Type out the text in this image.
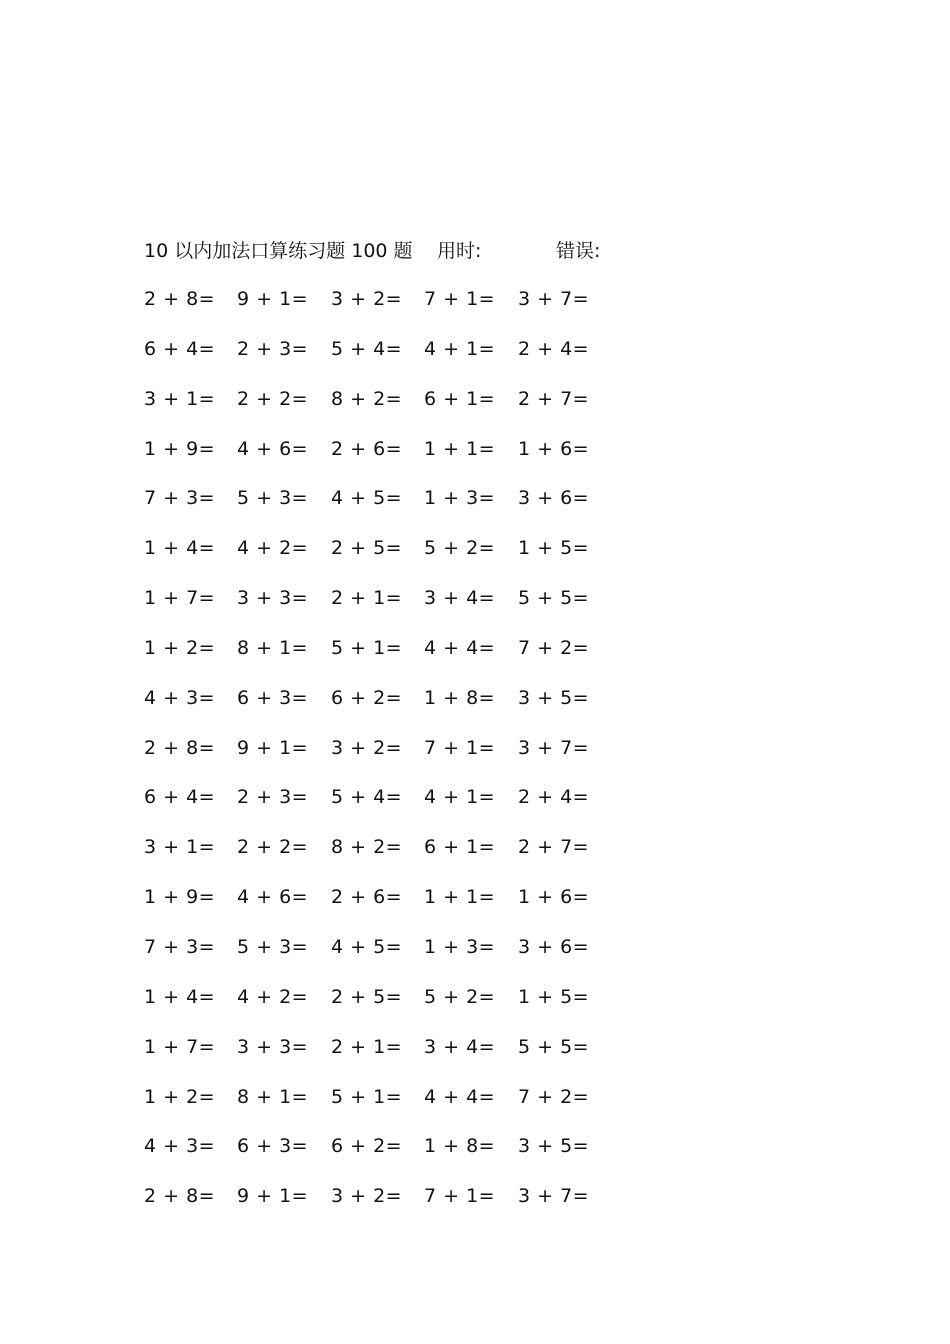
10 以内加法口算练习题 100 题 用时:	错误:
2 + 8= 9 + 1= 3 + 2= 7 + 1= 3 + 7=
6 + 4= 2 + 3= 5 + 4= 4 + 1= 2 + 4=
3 + 1= 2 + 2= 8 + 2= 6 + 1= 2 + 7=
1 + 9= 4 + 6= 2 + 6= 1 + 1= 1 + 6=
7 + 3= 5 + 3= 4 + 5= 1 + 3= 3 + 6=
1 + 4= 4 + 2= 2 + 5= 5 + 2= 1 + 5=
1 + 7= 3 + 3= 2 + 1= 3 + 4= 5 + 5=
1 + 2= 8 + 1= 5 + 1= 4 + 4= 7 + 2=
4 + 3= 6 + 3= 6 + 2= 1 + 8= 3 + 5=
2 + 8= 9 + 1= 3 + 2= 7 + 1= 3 + 7=
6 + 4= 2 + 3= 5 + 4= 4 + 1= 2 + 4=
3 + 1= 2 + 2= 8 + 2= 6 + 1= 2 + 7=
1 + 9= 4 + 6= 2 + 6= 1 + 1= 1 + 6=
7 + 3= 5 + 3= 4 + 5= 1 + 3= 3 + 6=
1 + 4= 4 + 2= 2 + 5= 5 + 2= 1 + 5=
1 + 7= 3 + 3= 2 + 1= 3 + 4= 5 + 5=
1 + 2= 8 + 1= 5 + 1= 4 + 4= 7 + 2=
4 + 3= 6 + 3= 6 + 2= 1 + 8= 3 + 5=
2 + 8= 9 + 1= 3 + 2= 7 + 1= 3 + 7=
